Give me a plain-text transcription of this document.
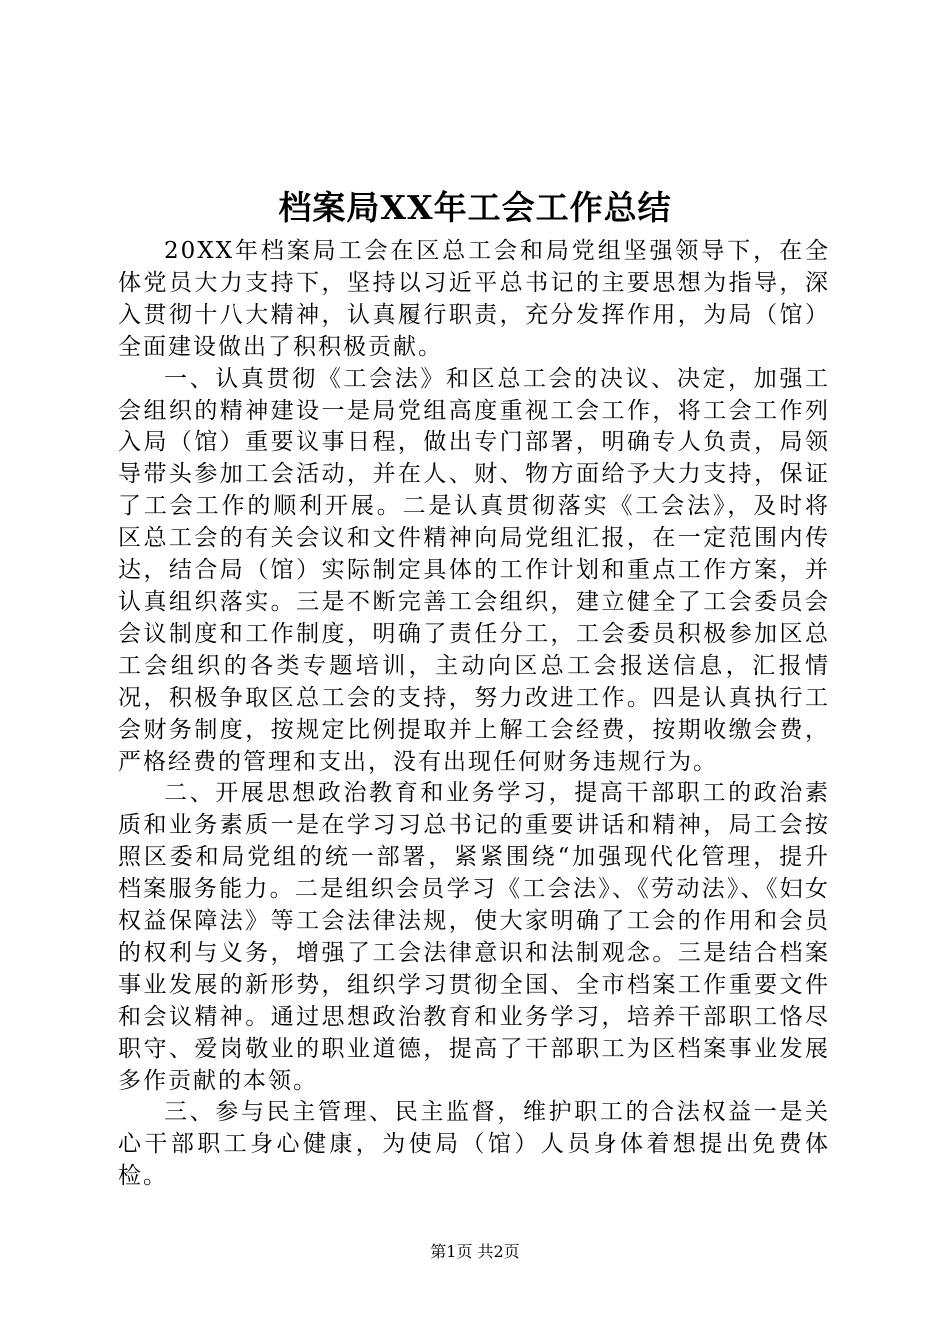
档案局XX年工会工作总结

20XX年档案局工会在区总工会和局党组坚强领导下，在全体党员大力支持下，坚持以习近平总书记的主要思想为指导，深入贯彻十八大精神，认真履行职责，充分发挥作用，为局（馆）全面建设做出了积积极贡献。

一、认真贯彻《工会法》和区总工会的决议、决定，加强工会组织的精神建设一是局党组高度重视工会工作，将工会工作列入局（馆）重要议事日程，做出专门部署，明确专人负责，局领导带头参加工会活动，并在人、财、物方面给予大力支持，保证了工会工作的顺利开展。二是认真贯彻落实《工会法》，及时将区总工会的有关会议和文件精神向局党组汇报，在一定范围内传达，结合局（馆）实际制定具体的工作计划和重点工作方案，并认真组织落实。三是不断完善工会组织，建立健全了工会委员会会议制度和工作制度，明确了责任分工，工会委员积极参加区总工会组织的各类专题培训，主动向区总工会报送信息，汇报情况，积极争取区总工会的支持，努力改进工作。四是认真执行工会财务制度，按规定比例提取并上解工会经费，按期收缴会费，严格经费的管理和支出，没有出现任何财务违规行为。

二、开展思想政治教育和业务学习，提高干部职工的政治素质和业务素质一是在学习习总书记的重要讲话和精神，局工会按照区委和局党组的统一部署，紧紧围绕“加强现代化管理，提升档案服务能力。二是组织会员学习《工会法》、《劳动法》、《妇女权益保障法》等工会法律法规，使大家明确了工会的作用和会员的权利与义务，增强了工会法律意识和法制观念。三是结合档案事业发展的新形势，组织学习贯彻全国、全市档案工作重要文件和会议精神。通过思想政治教育和业务学习，培养干部职工恪尽职守、爱岗敬业的职业道德，提高了干部职工为区档案事业发展多作贡献的本领。

三、参与民主管理、民主监督，维护职工的合法权益一是关心干部职工身心健康，为使局（馆）人员身体着想提出免费体检。

第1页 共2页
